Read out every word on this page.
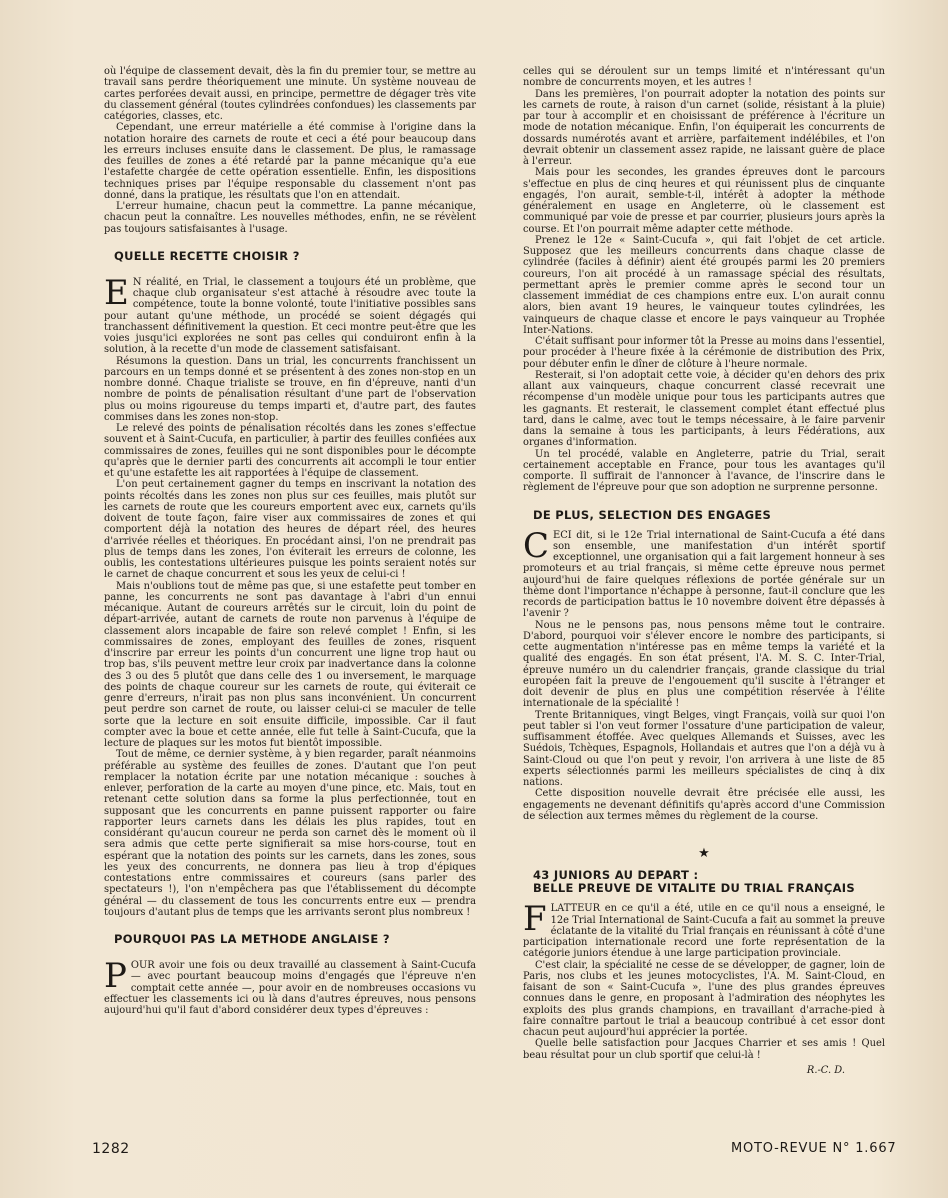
où l'équipe de classement devait, dès la fin du premier tour, se mettre au travail sans perdre théoriquement une minute. Un système nouveau de cartes perforées devait aussi, en principe, permettre de dégager très vite du classement général (toutes cylindrées confondues) les classements par catégories, classes, etc.

Cependant, une erreur matérielle a été commise à l'origine dans la notation horaire des carnets de route et ceci a été pour beaucoup dans les erreurs incluses ensuite dans le classement. De plus, le ramassage des feuilles de zones a été retardé par la panne mécanique qu'a eue l'estafette chargée de cette opération essentielle. Enfin, les dispositions techniques prises par l'équipe responsable du classement n'ont pas donné, dans la pratique, les résultats que l'on en attendait.

L'erreur humaine, chacun peut la commettre. La panne mécanique, chacun peut la connaître. Les nouvelles méthodes, enfin, ne se révèlent pas toujours satisfaisantes à l'usage.

QUELLE RECETTE CHOISIR ?

E N réalité, en Trial, le classement a toujours été un problème, que chaque club organisateur s'est attaché à résoudre avec toute la compétence, toute la bonne volonté, toute l'initiative possibles sans pour autant qu'une méthode, un procédé se soient dégagés qui tranchassent définitivement la question. Et ceci montre peut-être que les voies jusqu'ici explorées ne sont pas celles qui conduiront enfin à la solution, à la recette d'un mode de classement satisfaisant.

Résumons la question. Dans un trial, les concurrents franchissent un parcours en un temps donné et se présentent à des zones non-stop en un nombre donné. Chaque trialiste se trouve, en fin d'épreuve, nanti d'un nombre de points de pénalisation résultant d'une part de l'observation plus ou moins rigoureuse du temps imparti et, d'autre part, des fautes commises dans les zones non-stop.

Le relevé des points de pénalisation récoltés dans les zones s'effectue souvent et à Saint-Cucufa, en particulier, à partir des feuilles confiées aux commissaires de zones, feuilles qui ne sont disponibles pour le décompte qu'après que le dernier parti des concurrents ait accompli le tour entier et qu'une estafette les ait rapportées à l'équipe de classement.

L'on peut certainement gagner du temps en inscrivant la notation des points récoltés dans les zones non plus sur ces feuilles, mais plutôt sur les carnets de route que les coureurs emportent avec eux, carnets qu'ils doivent de toute façon, faire viser aux commissaires de zones et qui comportent déjà la notation des heures de départ réel, des heures d'arrivée réelles et théoriques. En procédant ainsi, l'on ne prendrait pas plus de temps dans les zones, l'on éviterait les erreurs de colonne, les oublis, les contestations ultérieures puisque les points seraient notés sur le carnet de chaque concurrent et sous les yeux de celui-ci !

Mais n'oublions tout de même pas que, si une estafette peut tomber en panne, les concurrents ne sont pas davantage à l'abri d'un ennui mécanique. Autant de coureurs arrêtés sur le circuit, loin du point de départ-arrivée, autant de carnets de route non parvenus à l'équipe de classement alors incapable de faire son relevé complet ! Enfin, si les commissaires de zones, employant des feuilles de zones, risquent d'inscrire par erreur les points d'un concurrent une ligne trop haut ou trop bas, s'ils peuvent mettre leur croix par inadvertance dans la colonne des 3 ou des 5 plutôt que dans celle des 1 ou inversement, le marquage des points de chaque coureur sur les carnets de route, qui éviterait ce genre d'erreurs, n'irait pas non plus sans inconvénient. Un concurrent peut perdre son carnet de route, ou laisser celui-ci se maculer de telle sorte que la lecture en soit ensuite difficile, impossible. Car il faut compter avec la boue et cette année, elle fut telle à Saint-Cucufa, que la lecture de plaques sur les motos fut bientôt impossible.

Tout de même, ce dernier système, à y bien regarder, paraît néanmoins préférable au système des feuilles de zones. D'autant que l'on peut remplacer la notation écrite par une notation mécanique : souches à enlever, perforation de la carte au moyen d'une pince, etc. Mais, tout en retenant cette solution dans sa forme la plus perfectionnée, tout en supposant que les concurrents en panne puissent rapporter ou faire rapporter leurs carnets dans les délais les plus rapides, tout en considérant qu'aucun coureur ne perda son carnet dès le moment où il sera admis que cette perte signifierait sa mise hors-course, tout en espérant que la notation des points sur les carnets, dans les zones, sous les yeux des concurrents, ne donnera pas lieu à trop d'épiques contestations entre commissaires et coureurs (sans parler des spectateurs !), l'on n'empêchera pas que l'établissement du décompte général — du classement de tous les concurrents entre eux — prendra toujours d'autant plus de temps que les arrivants seront plus nombreux !

POURQUOI PAS LA METHODE ANGLAISE ?

POUR avoir une fois ou deux travaillé au classement à Saint-Cucufa — avec pourtant beaucoup moins d'engagés que l'épreuve n'en comptait cette année —, pour avoir en de nombreuses occasions vu effectuer les classements ici ou là dans d'autres épreuves, nous pensons aujourd'hui qu'il faut d'abord considérer deux types d'épreuves :

celles qui se déroulent sur un temps limité et n'intéressant qu'un nombre de concurrents moyen, et les autres !

Dans les premières, l'on pourrait adopter la notation des points sur les carnets de route, à raison d'un carnet (solide, résistant à la pluie) par tour à accomplir et en choisissant de préférence à l'écriture un mode de notation mécanique. Enfin, l'on équiperait les concurrents de dossards numérotés avant et arrière, parfaitement indélébiles, et l'on devrait obtenir un classement assez rapide, ne laissant guère de place à l'erreur.

Mais pour les secondes, les grandes épreuves dont le parcours s'effectue en plus de cinq heures et qui réunissent plus de cinquante engagés, l'on aurait, semble-t-il, intérêt à adopter la méthode généralement en usage en Angleterre, où le classement est communiqué par voie de presse et par courrier, plusieurs jours après la course. Et l'on pourrait même adapter cette méthode.

Prenez le 12e « Saint-Cucufa », qui fait l'objet de cet article. Supposez que les meilleurs concurrents dans chaque classe de cylindrée (faciles à définir) aient été groupés parmi les 20 premiers coureurs, l'on ait procédé à un ramassage spécial des résultats, permettant après le premier comme après le second tour un classement immédiat de ces champions entre eux. L'on aurait connu alors, bien avant 19 heures, le vainqueur toutes cylindrées, les vainqueurs de chaque classe et encore le pays vainqueur au Trophée Inter-Nations.

C'était suffisant pour informer tôt la Presse au moins dans l'essentiel, pour procéder à l'heure fixée à la cérémonie de distribution des Prix, pour débuter enfin le dîner de clôture à l'heure normale.

Resterait, si l'on adoptait cette voie, à décider qu'en dehors des prix allant aux vainqueurs, chaque concurrent classé recevrait une récompense d'un modèle unique pour tous les participants autres que les gagnants. Et resterait, le classement complet étant effectué plus tard, dans le calme, avec tout le temps nécessaire, à le faire parvenir dans la semaine à tous les participants, à leurs Fédérations, aux organes d'information.

Un tel procédé, valable en Angleterre, patrie du Trial, serait certainement acceptable en France, pour tous les avantages qu'il comporte. Il suffirait de l'annoncer à l'avance, de l'inscrire dans le règlement de l'épreuve pour que son adoption ne surprenne personne.

DE PLUS, SELECTION DES ENGAGES

CECI dit, si le 12e Trial international de Saint-Cucufa a été dans son ensemble, une manifestation d'un intérêt sportif exceptionnel, une organisation qui a fait largement honneur à ses promoteurs et au trial français, si même cette épreuve nous permet aujourd'hui de faire quelques réflexions de portée générale sur un thème dont l'importance n'échappe à personne, faut-il conclure que les records de participation battus le 10 novembre doivent être dépassés à l'avenir ?

Nous ne le pensons pas, nous pensons même tout le contraire. D'abord, pourquoi voir s'élever encore le nombre des participants, si cette augmentation n'intéresse pas en même temps la variété et la qualité des engagés. En son état présent, l'A. M. S. C. Inter-Trial, épreuve numéro un du calendrier français, grande classique du trial européen fait la preuve de l'engouement qu'il suscite à l'étranger et doit devenir de plus en plus une compétition réservée à l'élite internationale de la spécialité !

Trente Britanniques, vingt Belges, vingt Français, voilà sur quoi l'on peut tabler si l'on veut former l'ossature d'une participation de valeur, suffisamment étoffée. Avec quelques Allemands et Suisses, avec les Suédois, Tchèques, Espagnols, Hollandais et autres que l'on a déjà vu à Saint-Cloud ou que l'on peut y revoir, l'on arrivera à une liste de 85 experts sélectionnés parmi les meilleurs spécialistes de cinq à dix nations.

Cette disposition nouvelle devrait être précisée elle aussi, les engagements ne devenant définitifs qu'après accord d'une Commission de sélection aux termes mêmes du règlement de la course.

★
43 JUNIORS AU DEPART :
BELLE PREUVE DE VITALITE DU TRIAL FRANÇAIS

FLATTEUR en ce qu'il a été, utile en ce qu'il nous a enseigné, le 12e Trial International de Saint-Cucufa a fait au sommet la preuve éclatante de la vitalité du Trial français en réunissant à côté d'une participation internationale record une forte représentation de la catégorie juniors étendue à une large participation provinciale.

C'est clair, la spécialité ne cesse de se développer, de gagner, loin de Paris, nos clubs et les jeunes motocyclistes, l'A. M. Saint-Cloud, en faisant de son « Saint-Cucufa », l'une des plus grandes épreuves connues dans le genre, en proposant à l'admiration des néophytes les exploits des plus grands champions, en travaillant d'arrache-pied à faire connaître partout le trial a beaucoup contribué à cet essor dont chacun peut aujourd'hui apprécier la portée.

Quelle belle satisfaction pour Jacques Charrier et ses amis ! Quel beau résultat pour un club sportif que celui-là !

R.-C. D.
1282	MOTO-REVUE N° 1.667
